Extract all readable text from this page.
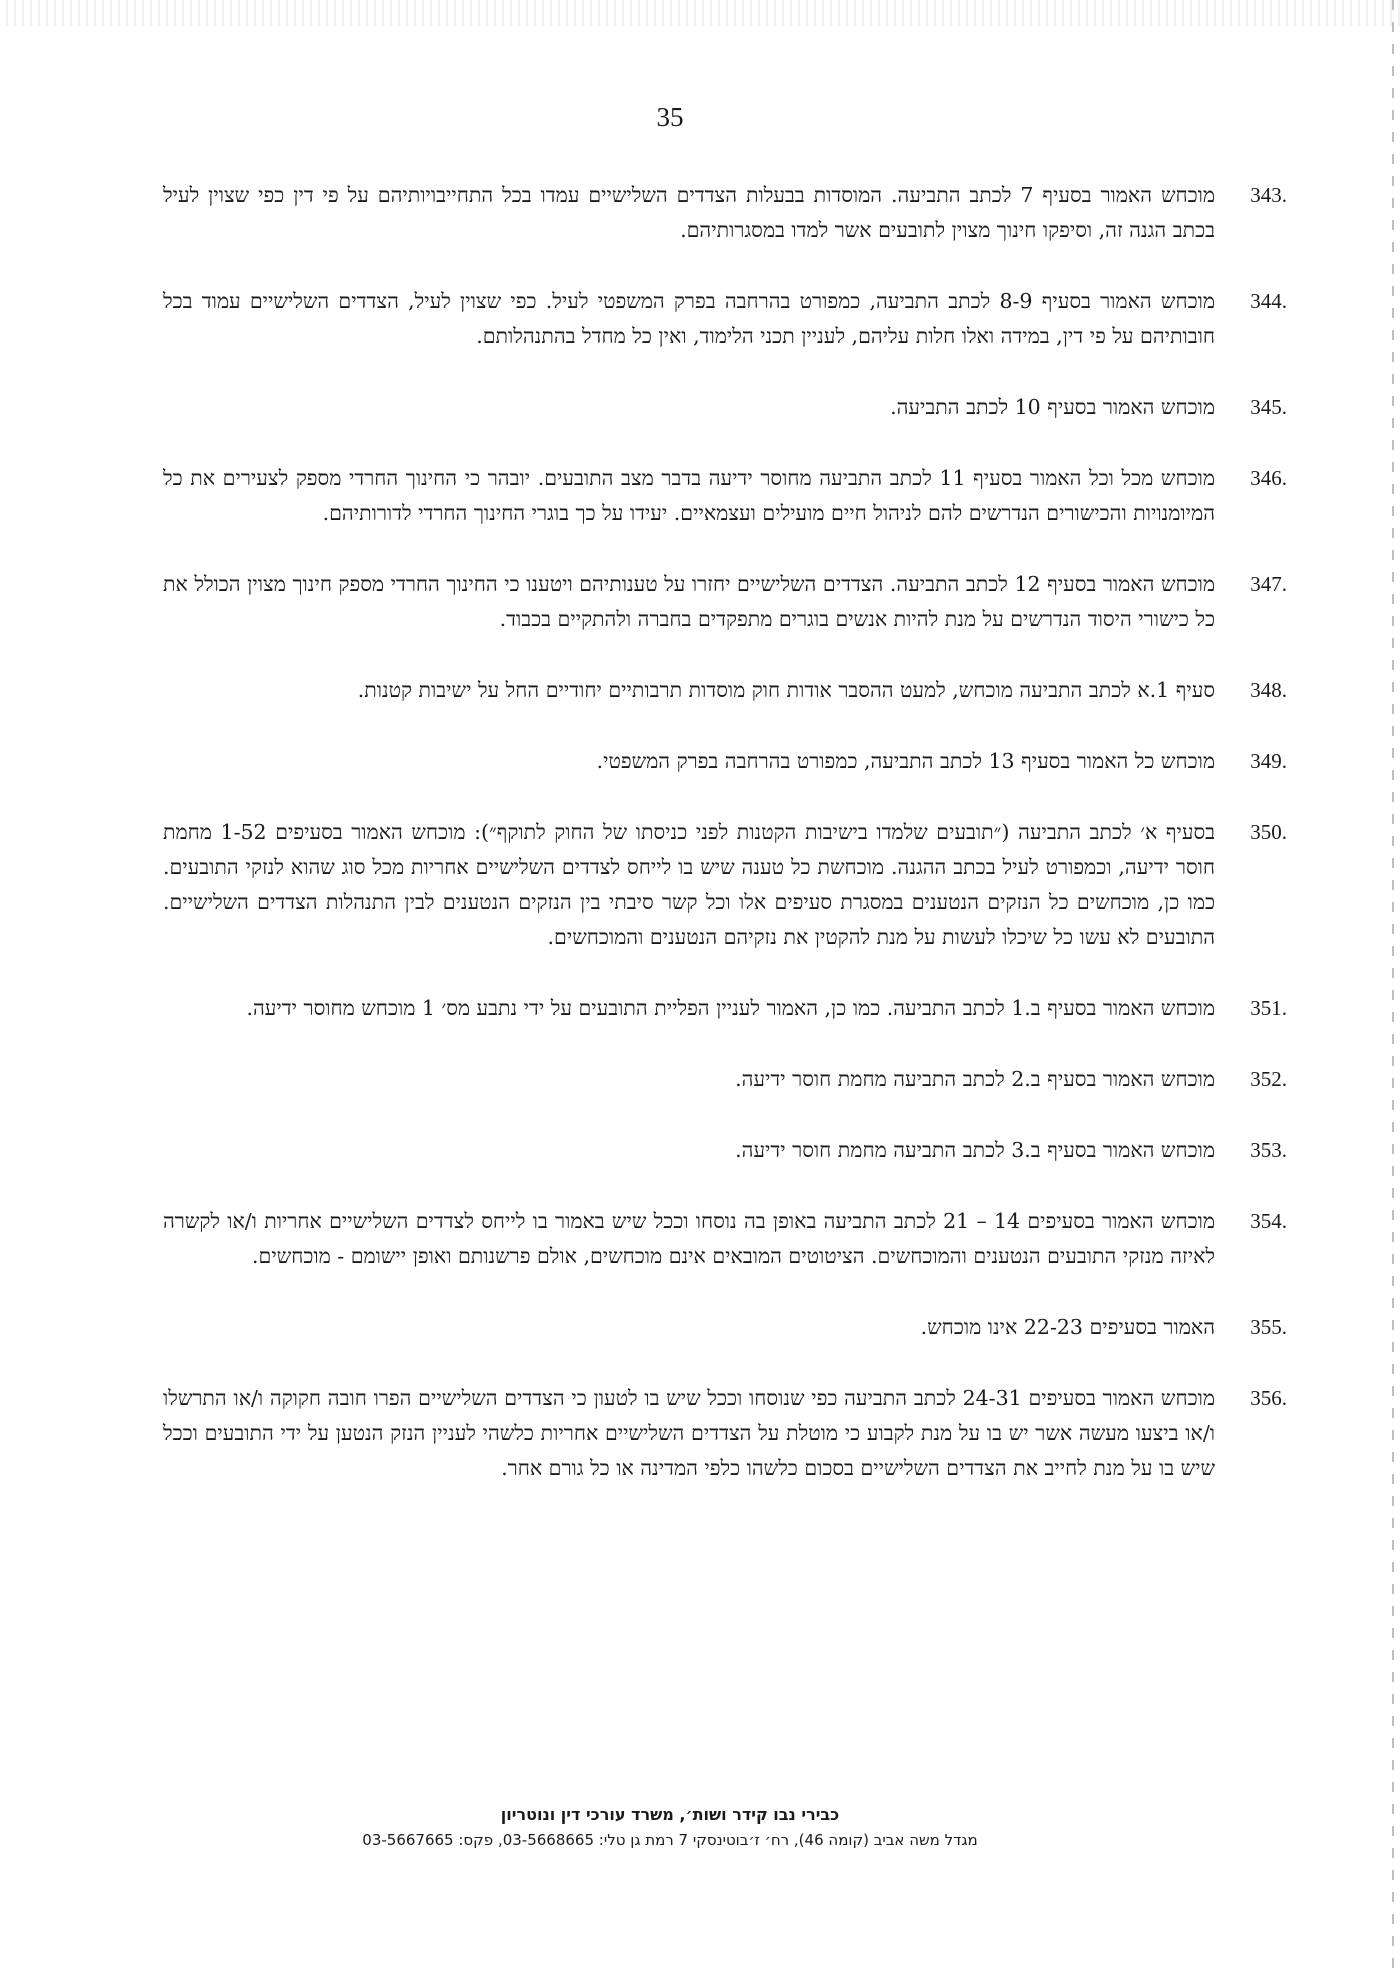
35
343.
מוכחש האמור בסעיף 7 לכתב התביעה. המוסדות בבעלות הצדדים השלישיים עמדו בכל התחייבויותיהם על פי דין כפי שצוין לעיל בכתב הגנה זה, וסיפקו חינוך מצוין לתובעים אשר למדו במסגרותיהם.
344.
מוכחש האמור בסעיף 8-9 לכתב התביעה, כמפורט בהרחבה בפרק המשפטי לעיל. כפי שצוין לעיל, הצדדים השלישיים עמוד בכל חובותיהם על פי דין, במידה ואלו חלות עליהם, לעניין תכני הלימוד, ואין כל מחדל בהתנהלותם.
345.
מוכחש האמור בסעיף 10 לכתב התביעה.
346.
מוכחש מכל וכל האמור בסעיף 11 לכתב התביעה מחוסר ידיעה בדבר מצב התובעים. יובהר כי החינוך החרדי מספק לצעירים את כל המיומנויות והכישורים הנדרשים להם לניהול חיים מועילים ועצמאיים. יעידו על כך בוגרי החינוך החרדי לדורותיהם.
347.
מוכחש האמור בסעיף 12 לכתב התביעה. הצדדים השלישיים יחזרו על טענותיהם ויטענו כי החינוך החרדי מספק חינוך מצוין הכולל את כל כישורי היסוד הנדרשים על מנת להיות אנשים בוגרים מתפקדים בחברה ולהתקיים בכבוד.
348.
סעיף 1.א לכתב התביעה מוכחש, למעט ההסבר אודות חוק מוסדות תרבותיים יחודיים החל על ישיבות קטנות.
349.
מוכחש כל האמור בסעיף 13 לכתב התביעה, כמפורט בהרחבה בפרק המשפטי.
350.
בסעיף א׳ לכתב התביעה (״תובעים שלמדו בישיבות הקטנות לפני כניסתו של החוק לתוקף״): מוכחש האמור בסעיפים 1-52 מחמת חוסר ידיעה, וכמפורט לעיל בכתב ההגנה. מוכחשת כל טענה שיש בו לייחס לצדדים השלישיים אחריות מכל סוג שהוא לנזקי התובעים. כמו כן, מוכחשים כל הנזקים הנטענים במסגרת סעיפים אלו וכל קשר סיבתי בין הנזקים הנטענים לבין התנהלות הצדדים השלישיים. התובעים לא עשו כל שיכלו לעשות על מנת להקטין את נזקיהם הנטענים והמוכחשים.
351.
מוכחש האמור בסעיף ב.1 לכתב התביעה. כמו כן, האמור לעניין הפליית התובעים על ידי נתבע מס׳ 1 מוכחש מחוסר ידיעה.
352.
מוכחש האמור בסעיף ב.2 לכתב התביעה מחמת חוסר ידיעה.
353.
מוכחש האמור בסעיף ב.3 לכתב התביעה מחמת חוסר ידיעה.
354.
מוכחש האמור בסעיפים 14 – 21 לכתב התביעה באופן בה נוסחו וככל שיש באמור בו לייחס לצדדים השלישיים אחריות ו/או לקשרה לאיזה מנזקי התובעים הנטענים והמוכחשים. הציטוטים המובאים אינם מוכחשים, אולם פרשנותם ואופן יישומם - מוכחשים.
355.
האמור בסעיפים 22-23 אינו מוכחש.
356.
מוכחש האמור בסעיפים 24-31 לכתב התביעה כפי שנוסחו וככל שיש בו לטעון כי הצדדים השלישיים הפרו חובה חקוקה ו/או התרשלו ו/או ביצעו מעשה אשר יש בו על מנת לקבוע כי מוטלת על הצדדים השלישיים אחריות כלשהי לעניין הנזק הנטען על ידי התובעים וככל שיש בו על מנת לחייב את הצדדים השלישיים בסכום כלשהו כלפי המדינה או כל גורם אחר.
כבירי נבו קידר ושות׳, משרד עורכי דין ונוטריון
מגדל משה אביב (קומה 46), רח׳ ז׳בוטינסקי 7 רמת גן טלי: 03-5668665, פקס: 03-5667665
